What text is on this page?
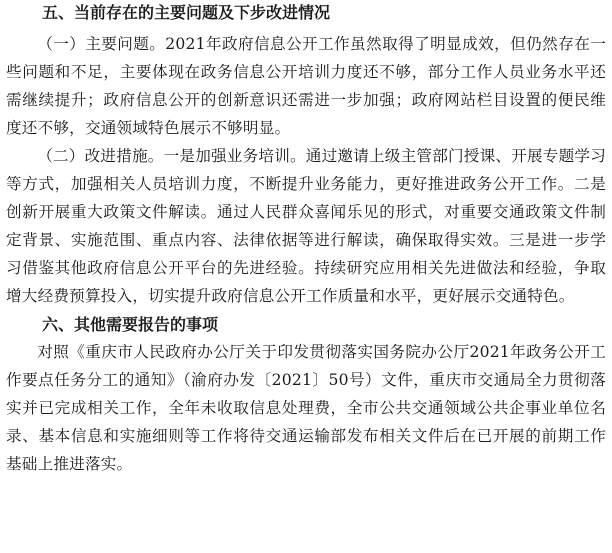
五、当前存在的主要问题及下步改进情况

（一）主要问题。2021年政府信息公开工作虽然取得了明显成效，但仍然存在一些问题和不足，主要体现在政务信息公开培训力度还不够，部分工作人员业务水平还需继续提升；政府信息公开的创新意识还需进一步加强；政府网站栏目设置的便民维度还不够，交通领域特色展示不够明显。

（二）改进措施。一是加强业务培训。通过邀请上级主管部门授课、开展专题学习等方式，加强相关人员培训力度，不断提升业务能力，更好推进政务公开工作。二是创新开展重大政策文件解读。通过人民群众喜闻乐见的形式，对重要交通政策文件制定背景、实施范围、重点内容、法律依据等进行解读，确保取得实效。三是进一步学习借鉴其他政府信息公开平台的先进经验。持续研究应用相关先进做法和经验，争取增大经费预算投入，切实提升政府信息公开工作质量和水平，更好展示交通特色。

六、其他需要报告的事项

对照《重庆市人民政府办公厅关于印发贯彻落实国务院办公厅2021年政务公开工作要点任务分工的通知》（渝府办发〔2021〕50号）文件，重庆市交通局全力贯彻落实并已完成相关工作，全年未收取信息处理费，全市公共交通领域公共企事业单位名录、基本信息和实施细则等工作将待交通运输部发布相关文件后在已开展的前期工作基础上推进落实。
